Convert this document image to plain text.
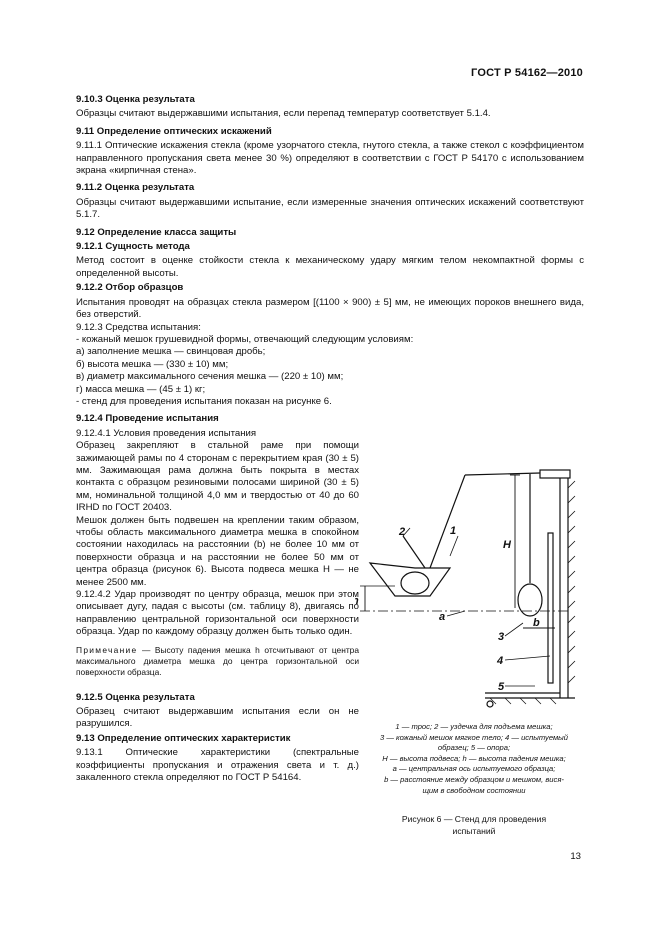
ГОСТ Р 54162—2010

9.10.3 Оценка результата

Образцы считают выдержавшими испытания, если перепад температур соответствует 5.1.4.

9.11 Определение оптических искажений

9.11.1 Оптические искажения стекла (кроме узорчатого стекла, гнутого стекла, а также стекол с коэффициентом направленного пропускания света менее 30 %) определяют в соответствии с ГОСТ Р 54170 с использованием экрана «кирпичная стена».

9.11.2 Оценка результата

Образцы считают выдержавшими испытание, если измеренные значения оптических искажений соответствуют 5.1.7.

9.12 Определение класса защиты

9.12.1 Сущность метода

Метод состоит в оценке стойкости стекла к механическому удару мягким телом некомпактной формы с определенной высоты.

9.12.2 Отбор образцов

Испытания проводят на образцах стекла размером [(1100 × 900) ± 5] мм, не имеющих пороков внешнего вида, без отверстий.

9.12.3 Средства испытания:

- кожаный мешок грушевидной формы, отвечающий следующим условиям:

а) заполнение мешка — свинцовая дробь;

б) высота мешка — (330 ± 10) мм;

в) диаметр максимального сечения мешка — (220 ± 10) мм;

г) масса мешка — (45 ± 1) кг;

- стенд для проведения испытания показан на рисунке 6.

9.12.4 Проведение испытания

9.12.4.1 Условия проведения испытания

Образец закрепляют в стальной раме при помощи зажимающей рамы по 4 сторонам с перекрытием края (30 ± 5) мм. Зажимающая рама должна быть покрыта в местах контакта с образцом резиновыми полосами шириной (30 ± 5) мм, номинальной толщиной 4,0 мм и твердостью от 40 до 60 IRHD по ГОСТ 20403.

Мешок должен быть подвешен на креплении таким образом, чтобы область максимального диаметра мешка в спокойном состоянии находилась на расстоянии (b) не более 10 мм от поверхности образца и на расстоянии не более 50 мм от центра образца (рисунок 6). Высота подвеса мешка H — не менее 2500 мм.

9.12.4.2 Удар производят по центру образца, мешок при этом описывает дугу, падая с высоты (см. таблицу 8), двигаясь по направлению центральной горизонтальной оси поверхности образца. Удар по каждому образцу должен быть только один.

Примечание — Высоту падения мешка h отсчитывают от центра максимального диаметра мешка до центра горизонтальной оси поверхности образца.

9.12.5 Оценка результата

Образец считают выдержавшим испытания если он не разрушился.

9.13 Определение оптических характеристик

9.13.1 Оптические характеристики (спектральные коэффициенты пропускания и отражения света и т. д.) закаленного стекла определяют по ГОСТ Р 54164.

1
2
3
4
5
H
a	b
1 — трос; 2 — уздечка для подъема мешка;
3 — кожаный мешок мягкое тело; 4 — испытуемый
образец; 5 — опора;
H — высота подвеса; h — высота падения мешка;
a — центральная ось испытуемого образца;
b — расстояние между образцом и мешком, вися-
щим в свободном состоянии
Рисунок 6 — Стенд для проведения
испытаний
13
